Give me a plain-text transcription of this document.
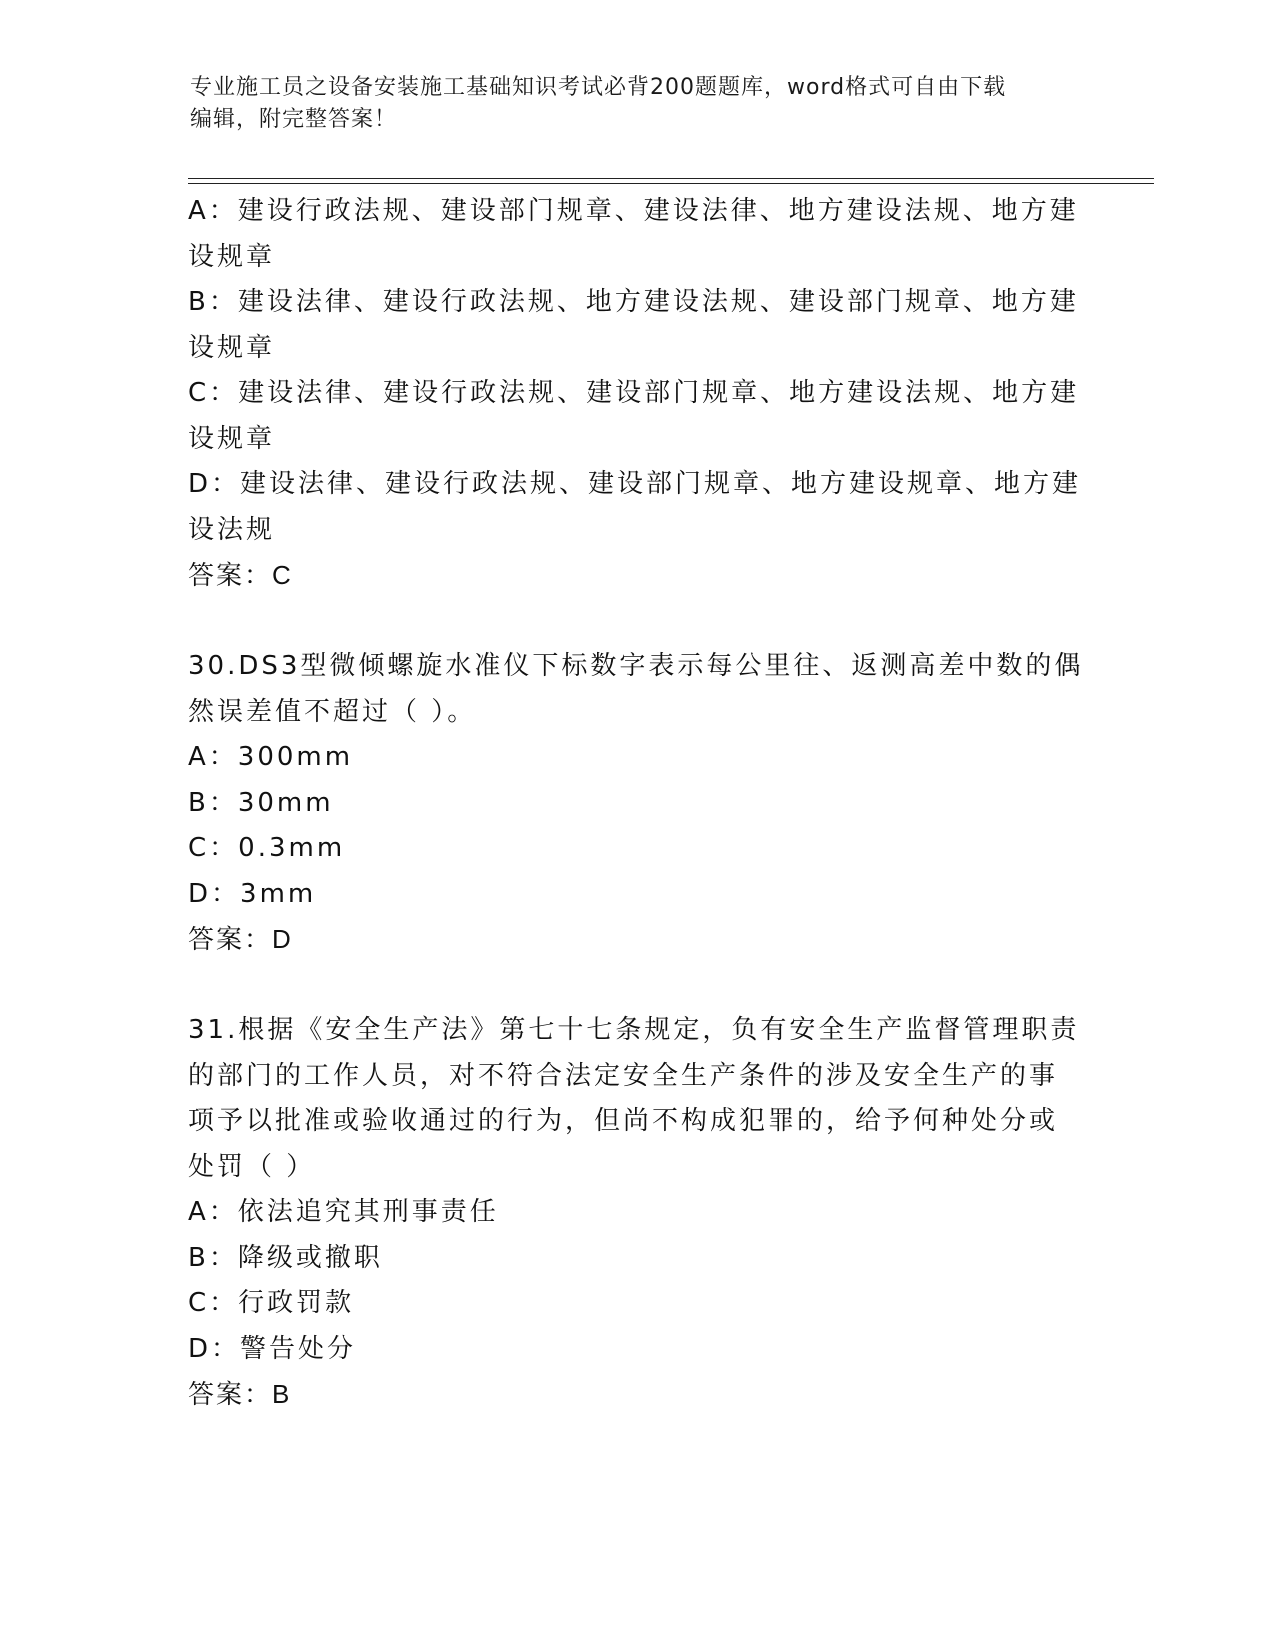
专业施工员之设备安装施工基础知识考试必背200题题库，word格式可自由下载
编辑，附完整答案！
A：建设行政法规、建设部门规章、建设法律、地方建设法规、地方建
设规章
B：建设法律、建设行政法规、地方建设法规、建设部门规章、地方建
设规章
C：建设法律、建设行政法规、建设部门规章、地方建设法规、地方建
设规章
D：建设法律、建设行政法规、建设部门规章、地方建设规章、地方建
设法规
答案：C
30.DS3型微倾螺旋水准仪下标数字表示每公里往、返测高差中数的偶
然误差值不超过（ ）。
A：300mm
B：30mm
C：0.3mm
D：3mm
答案：D
31.根据《安全生产法》第七十七条规定，负有安全生产监督管理职责
的部门的工作人员，对不符合法定安全生产条件的涉及安全生产的事
项予以批准或验收通过的行为，但尚不构成犯罪的，给予何种处分或
处罚（ ）
A：依法追究其刑事责任
B：降级或撤职
C：行政罚款
D：警告处分
答案：B
